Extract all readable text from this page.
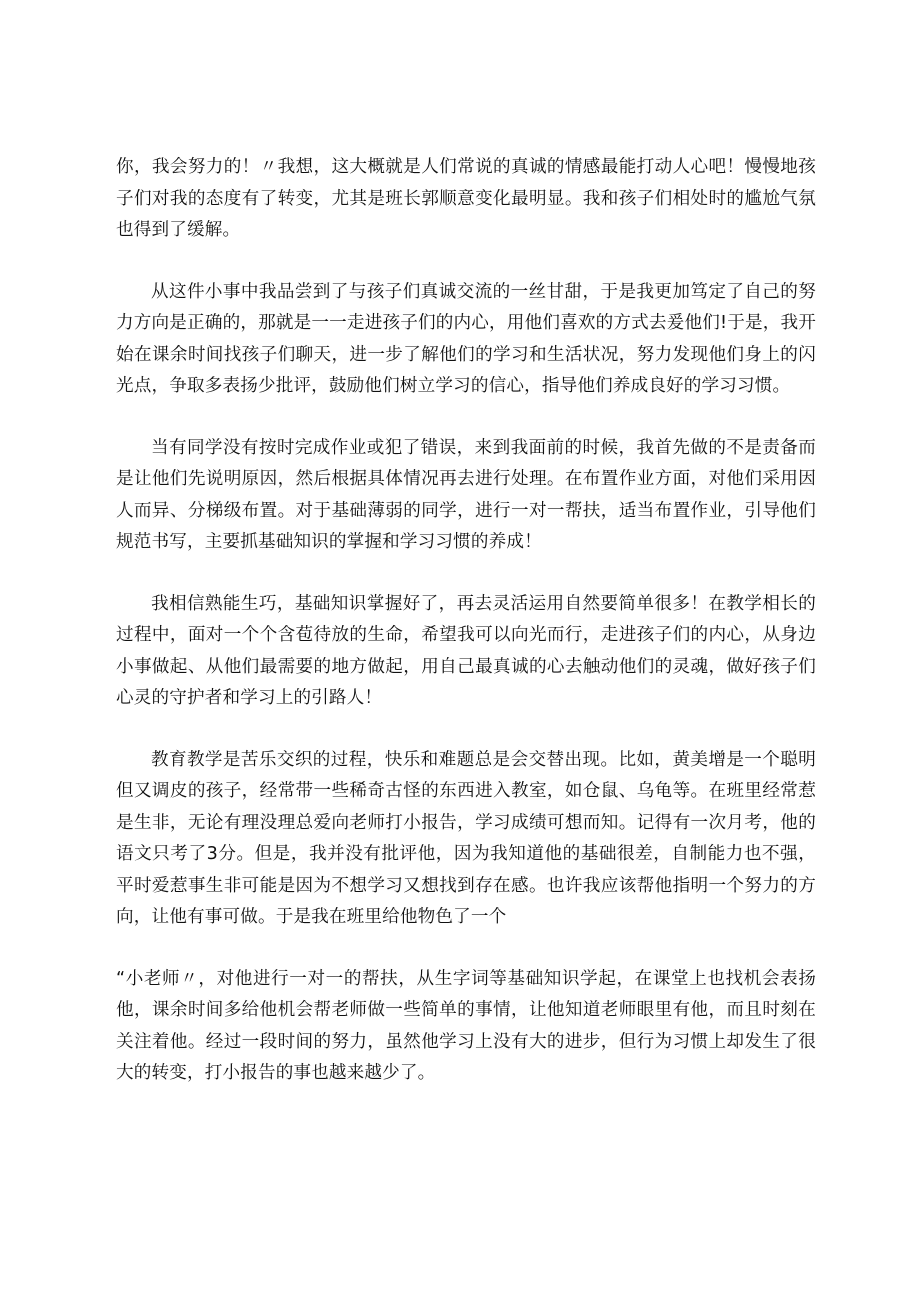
你，我会努力的！〃我想，这大概就是人们常说的真诚的情感最能打动人心吧！慢慢地孩子们对我的态度有了转变，尤其是班长郭顺意变化最明显。我和孩子们相处时的尴尬气氛也得到了缓解。

从这件小事中我品尝到了与孩子们真诚交流的一丝甘甜，于是我更加笃定了自己的努力方向是正确的，那就是一一走进孩子们的内心，用他们喜欢的方式去爰他们!于是，我开始在课余时间找孩子们聊天，进一步了解他们的学习和生活状况，努力发现他们身上的闪光点，争取多表扬少批评，鼓励他们树立学习的信心，指导他们养成良好的学习习惯。

当有同学没有按时完成作业或犯了错误，来到我面前的时候，我首先做的不是责备而是让他们先说明原因，然后根据具体情况再去进行处理。在布置作业方面，对他们采用因人而异、分梯级布置。对于基础薄弱的同学，进行一对一帮扶，适当布置作业，引导他们规范书写，主要抓基础知识的掌握和学习习惯的养成！

我相信熟能生巧，基础知识掌握好了，再去灵活运用自然要简单很多！在教学相长的过程中，面对一个个含苞待放的生命，希望我可以向光而行，走进孩子们的内心，从身边小事做起、从他们最需要的地方做起，用自己最真诚的心去触动他们的灵魂，做好孩子们心灵的守护者和学习上的引路人！

教育教学是苦乐交织的过程，快乐和难题总是会交替出现。比如，黄美增是一个聪明但又调皮的孩子，经常带一些稀奇古怪的东西进入教室，如仓鼠、乌龟等。在班里经常惹是生非，无论有理没理总爱向老师打小报告，学习成绩可想而知。记得有一次月考，他的语文只考了3分。但是，我并没有批评他，因为我知道他的基础很差，自制能力也不强，平时爱惹事生非可能是因为不想学习又想找到存在感。也许我应该帮他指明一个努力的方向，让他有事可做。于是我在班里给他物色了一个

“小老师〃，对他进行一对一的帮扶，从生字词等基础知识学起，在课堂上也找机会表扬他，课余时间多给他机会帮老师做一些简单的事情，让他知道老师眼里有他，而且时刻在关注着他。经过一段时间的努力，虽然他学习上没有大的进步，但行为习惯上却发生了很大的转变，打小报告的事也越来越少了。
